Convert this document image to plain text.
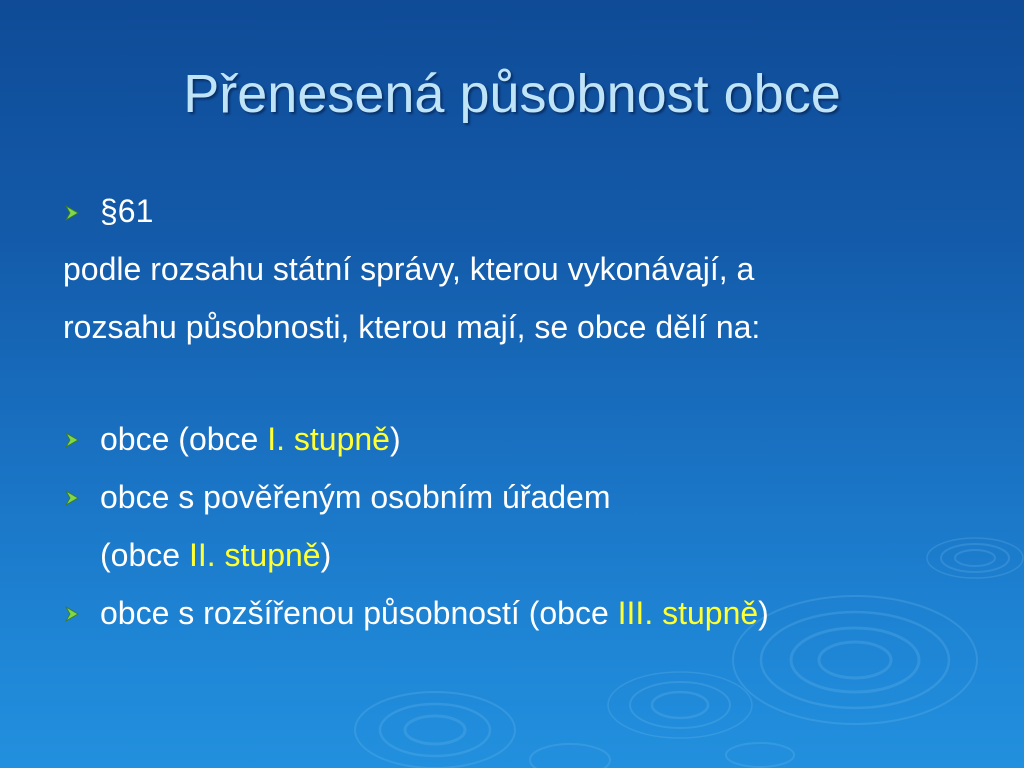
Přenesená působnost obce
§61
podle rozsahu státní správy, kterou vykonávají, a
rozsahu působnosti, kterou mají, se obce dělí na:
obce (obce I. stupně)
obce s pověřeným osobním úřadem
(obce II. stupně)
obce s rozšířenou působností (obce III. stupně)
